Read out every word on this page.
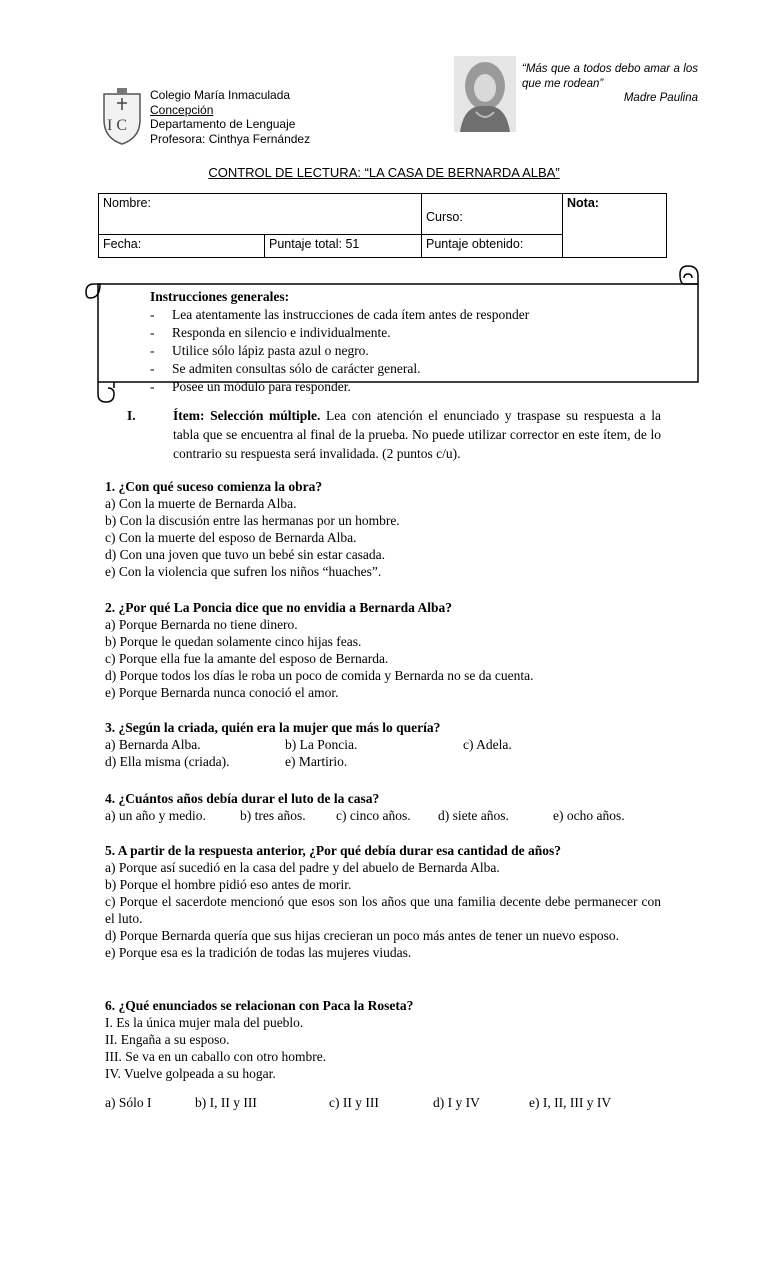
I C
Colegio María Inmaculada
Concepción
Departamento de Lenguaje
Profesora: Cinthya Fernández
“Más que a todos debo amar a los que me rodean”
Madre Paulina
CONTROL DE LECTURA: “LA CASA DE BERNARDA ALBA”
Nombre:		Curso:	Nota:
Fecha:	Puntaje total: 51	Puntaje obtenido:	
Instrucciones generales:
-	Lea atentamente las instrucciones de cada ítem antes de responder
-	Responda en silencio e individualmente.
-	Utilice sólo lápiz pasta azul o negro.
-	Se admiten consultas sólo de carácter general.
-	Posee un módulo para responder.
I.	Ítem: Selección múltiple. Lea con atención el enunciado y traspase su respuesta a la tabla que se encuentra al final de la prueba. No puede utilizar corrector en este ítem, de lo contrario su respuesta será invalidada. (2 puntos c/u).
1. ¿Con qué suceso comienza la obra?
a) Con la muerte de Bernarda Alba.
b) Con la discusión entre las hermanas por un hombre.
c) Con la muerte del esposo de Bernarda Alba.
d) Con una joven que tuvo un bebé sin estar casada.
e) Con la violencia que sufren los niños “huaches”.
2. ¿Por qué La Poncia dice que no envidia a Bernarda Alba?
a) Porque Bernarda no tiene dinero.
b) Porque le quedan solamente cinco hijas feas.
c) Porque ella fue la amante del esposo de Bernarda.
d) Porque todos los días le roba un poco de comida y Bernarda no se da cuenta.
e) Porque Bernarda nunca conoció el amor.
3. ¿Según la criada, quién era la mujer que más lo quería?
a) Bernarda Alba.	b) La Poncia.	c) Adela.
d) Ella misma (criada).	e) Martirio.
4. ¿Cuántos años debía durar el luto de la casa?
a) un año y medio.	b) tres años. c) cinco años. d) siete años.	e) ocho años.
5. A partir de la respuesta anterior, ¿Por qué debía durar esa cantidad de años?
a) Porque así sucedió en la casa del padre y del abuelo de Bernarda Alba.
b) Porque el hombre pidió eso antes de morir.
c) Porque el sacerdote mencionó que esos son los años que una familia decente debe permanecer con el luto.
d) Porque Bernarda quería que sus hijas crecieran un poco más antes de tener un nuevo esposo.
e) Porque esa es la tradición de todas las mujeres viudas.
6. ¿Qué enunciados se relacionan con Paca la Roseta?
I. Es la única mujer mala del pueblo.
II. Engaña a su esposo.
III. Se va en un caballo con otro hombre.
IV. Vuelve golpeada a su hogar.
a) Sólo I	b) I, II y III	c) II y III	d) I y IV	e) I, II, III y IV
